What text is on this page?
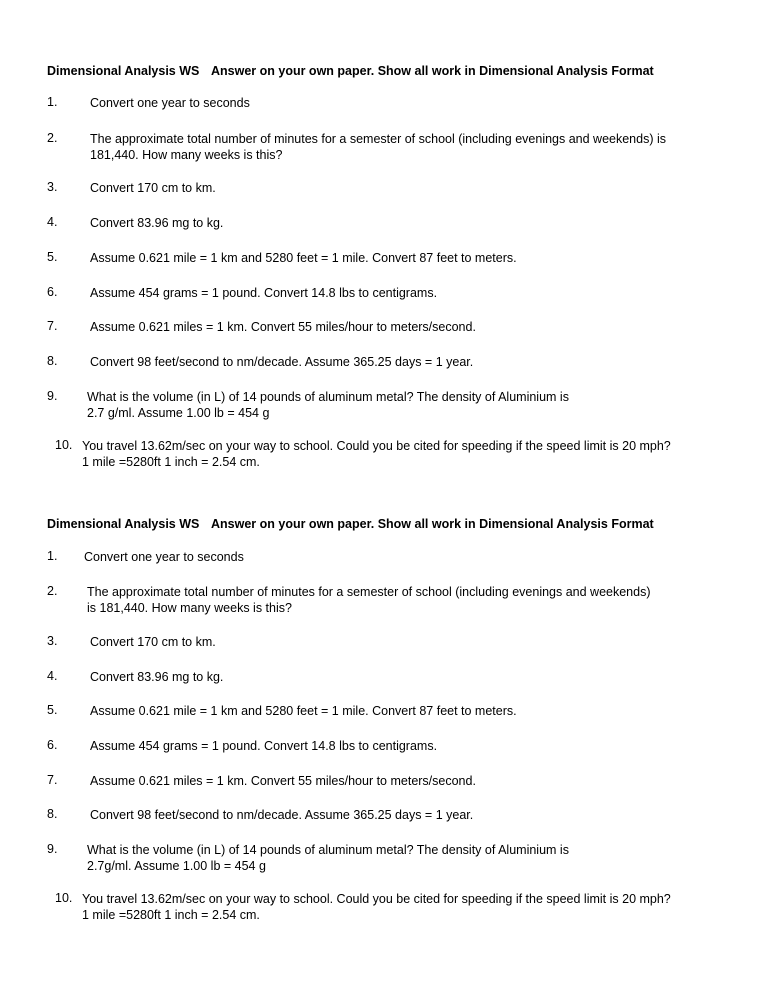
Dimensional Analysis WS Answer on your own paper. Show all work in Dimensional Analysis Format
1.	Convert one year to seconds
2.	The approximate total number of minutes for a semester of school (including evenings and weekends) is
181,440. How many weeks is this?
3.	Convert 170 cm to km.
4.	Convert 83.96 mg to kg.
5.	Assume 0.621 mile = 1 km and 5280 feet = 1 mile. Convert 87 feet to meters.
6.	Assume 454 grams = 1 pound. Convert 14.8 lbs to centigrams.
7.	Assume 0.621 miles = 1 km. Convert 55 miles/hour to meters/second.
8.	Convert 98 feet/second to nm/decade. Assume 365.25 days = 1 year.
9. What is the volume (in L) of 14 pounds of aluminum metal? The density of Aluminium is
2.7 g/ml. Assume 1.00 lb = 454 g
10. You travel 13.62m/sec on your way to school. Could you be cited for speeding if the speed limit is 20 mph?
1 mile =5280ft 1 inch = 2.54 cm.
Dimensional Analysis WS Answer on your own paper. Show all work in Dimensional Analysis Format
1. Convert one year to seconds
2. The approximate total number of minutes for a semester of school (including evenings and weekends)
is 181,440. How many weeks is this?
3.	Convert 170 cm to km.
4.	Convert 83.96 mg to kg.
5.	Assume 0.621 mile = 1 km and 5280 feet = 1 mile. Convert 87 feet to meters.
6.	Assume 454 grams = 1 pound. Convert 14.8 lbs to centigrams.
7.	Assume 0.621 miles = 1 km. Convert 55 miles/hour to meters/second.
8.	Convert 98 feet/second to nm/decade. Assume 365.25 days = 1 year.
9. What is the volume (in L) of 14 pounds of aluminum metal? The density of Aluminium is
2.7g/ml. Assume 1.00 lb = 454 g
10. You travel 13.62m/sec on your way to school. Could you be cited for speeding if the speed limit is 20 mph?
1 mile =5280ft 1 inch = 2.54 cm.
